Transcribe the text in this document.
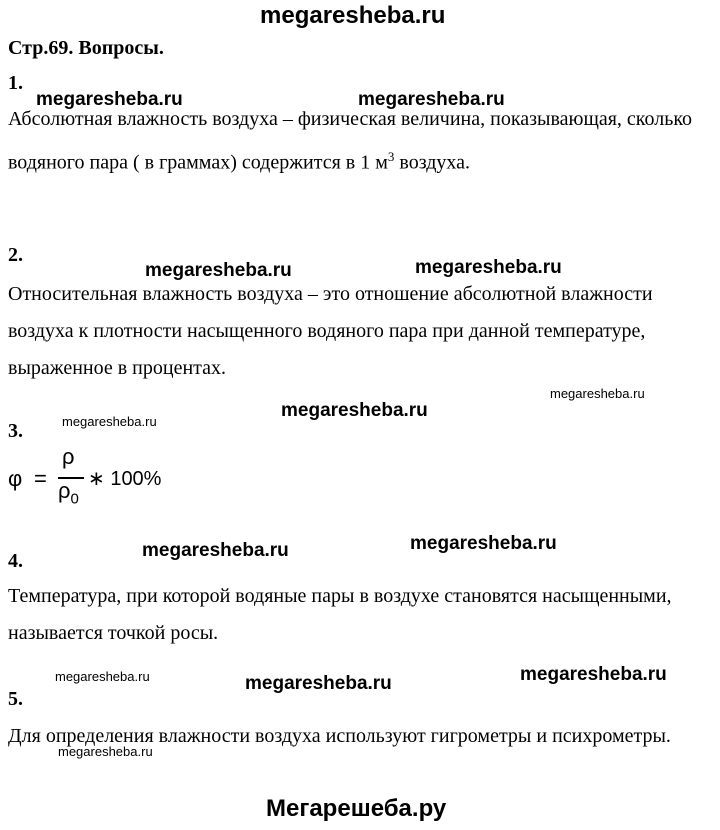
megaresheba.ru
Стр.69. Вопросы.
1.
megaresheba.ru	megaresheba.ru
Абсолютная влажность воздуха – физическая величина, показывающая, сколько водяного пара ( в граммах) содержится в 1 $м^3$ воздуха.
2.
megaresheba.ru	megaresheba.ru
Относительная влажность воздуха – это отношение абсолютной влажности воздуха к плотности насыщенного водяного пара при данной температуре, выраженное в процентах.
megaresheba.ru
megaresheba.ru
megaresheba.ru
3.
φ =
ρ
$\rho_0$
∗ 100%
megaresheba.ru
megaresheba.ru
4.
Температура, при которой водяные пары в воздухе становятся насыщенными, называется точкой росы.
megaresheba.ru	megaresheba.ru
megaresheba.ru
5.
Для определения влажности воздуха используют гигрометры и психрометры.
megaresheba.ru
Мегарешеба.ру
